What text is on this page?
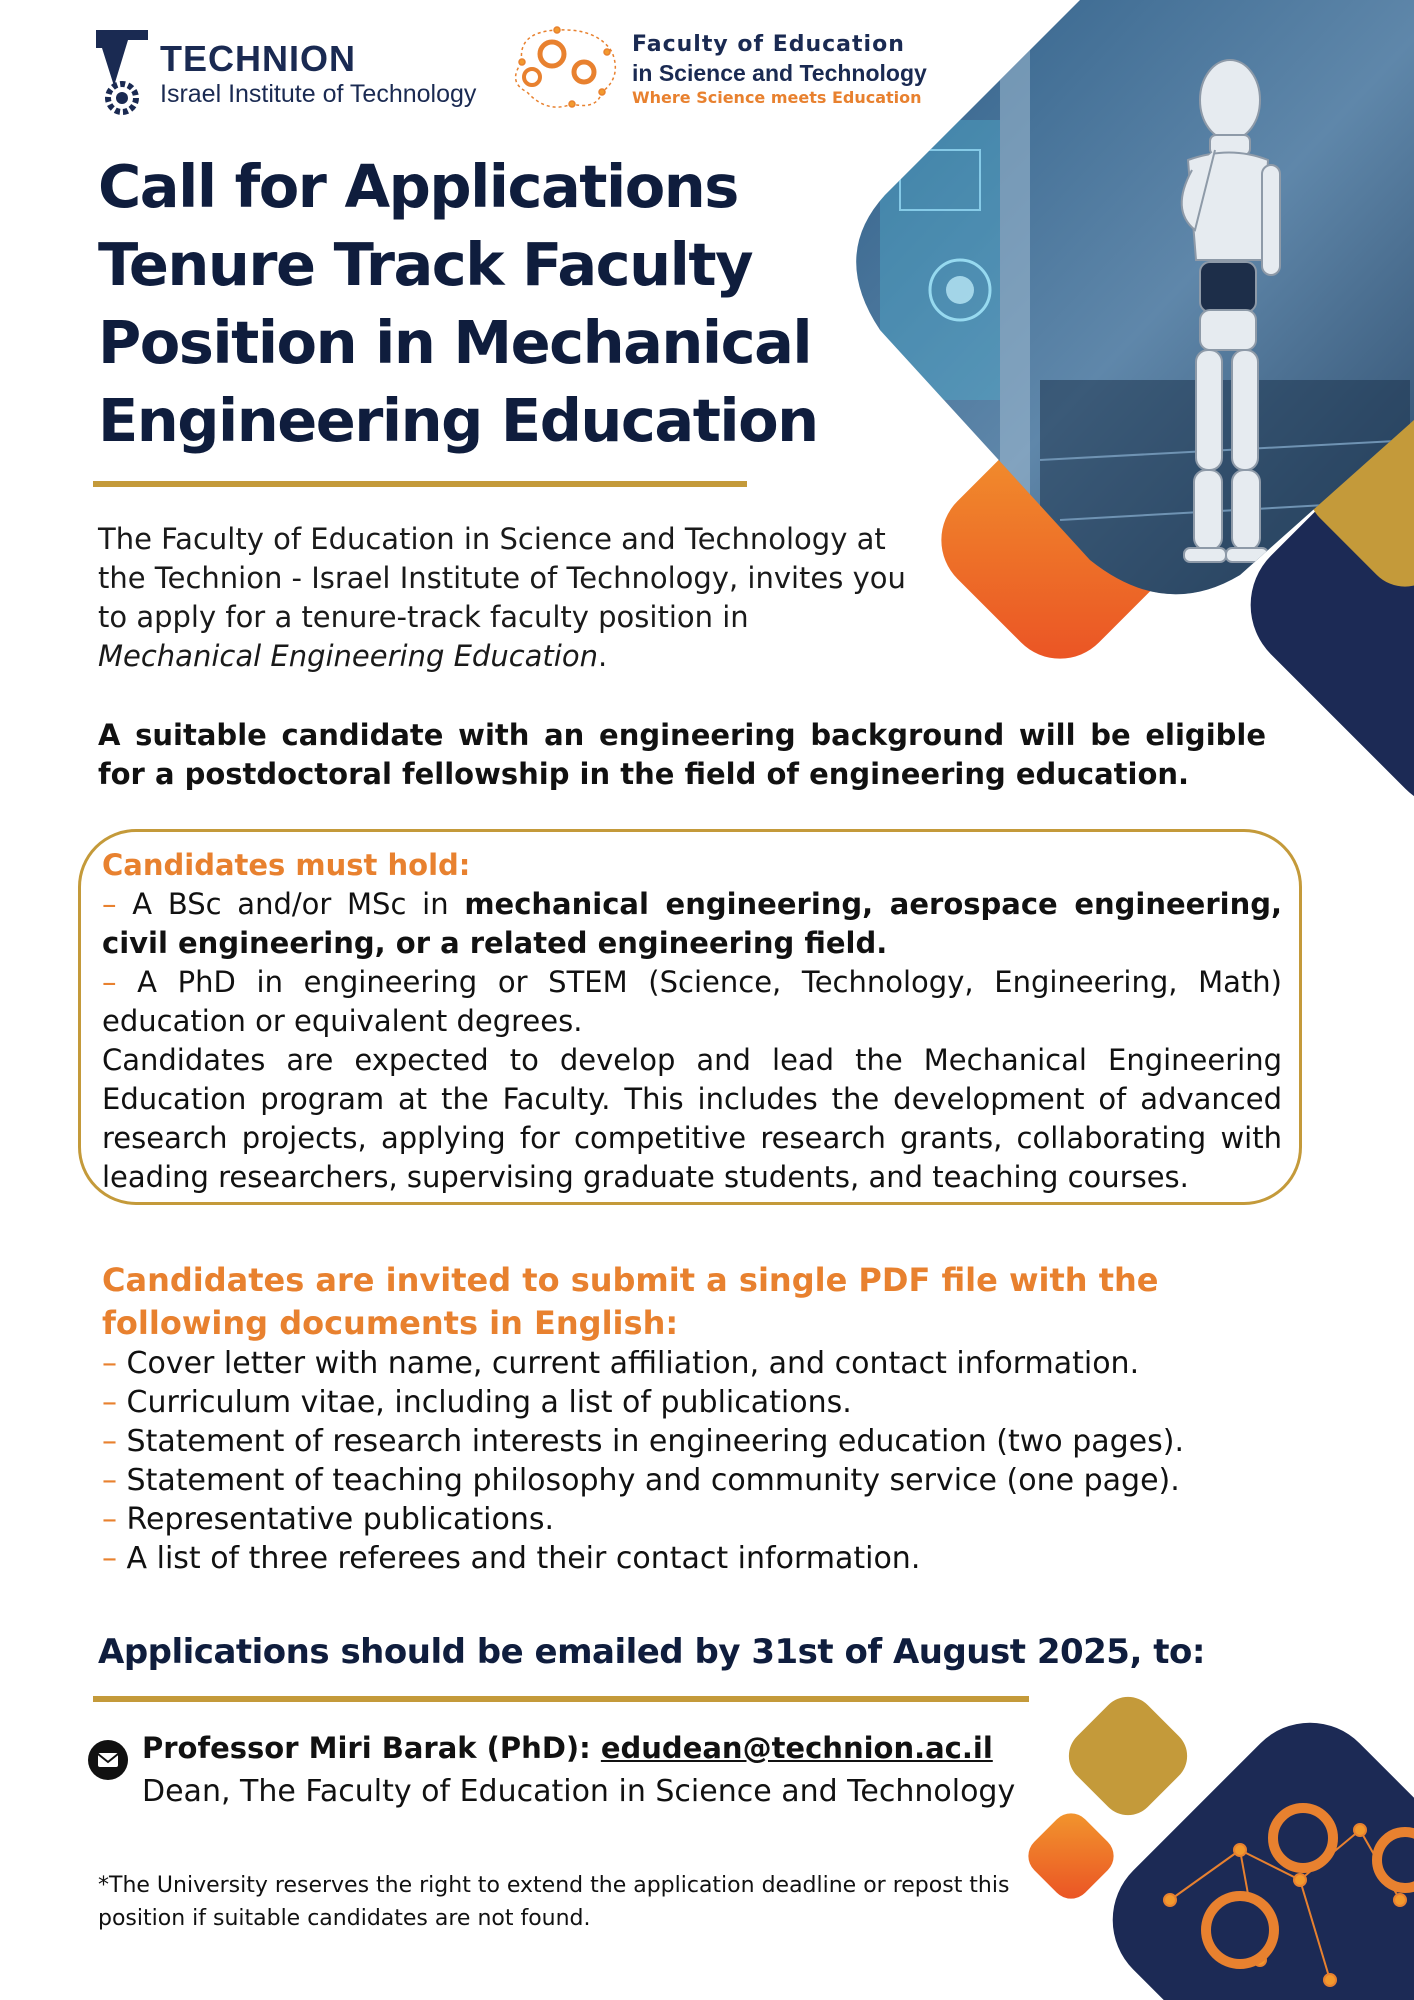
TECHNION
Israel Institute of Technology
Faculty of Education
in Science and Technology
Where Science meets Education
Call for Applications
Tenure Track Faculty
Position in Mechanical
Engineering Education
The Faculty of Education in Science and Technology at the Technion - Israel Institute of Technology, invites you to apply for a tenure-track faculty position in Mechanical Engineering Education.
A suitable candidate with an engineering background will be eligible for a postdoctoral fellowship in the field of engineering education.
Candidates must hold:
– A BSc and/or MSc in mechanical engineering, aerospace engineering, civil engineering, or a related engineering field.
– A PhD in engineering or STEM (Science, Technology, Engineering, Math) education or equivalent degrees.
Candidates are expected to develop and lead the Mechanical Engineering Education program at the Faculty. This includes the development of advanced research projects, applying for competitive research grants, collaborating with leading researchers, supervising graduate students, and teaching courses.
Candidates are invited to submit a single PDF file with the following documents in English:
– Cover letter with name, current affiliation, and contact information.
– Curriculum vitae, including a list of publications.
– Statement of research interests in engineering education (two pages).
– Statement of teaching philosophy and community service (one page).
– Representative publications.
– A list of three referees and their contact information.
Applications should be emailed by 31st of August 2025, to:
Professor Miri Barak (PhD): edudean@technion.ac.il
Dean, The Faculty of Education in Science and Technology
*The University reserves the right to extend the application deadline or repost this position if suitable candidates are not found.
